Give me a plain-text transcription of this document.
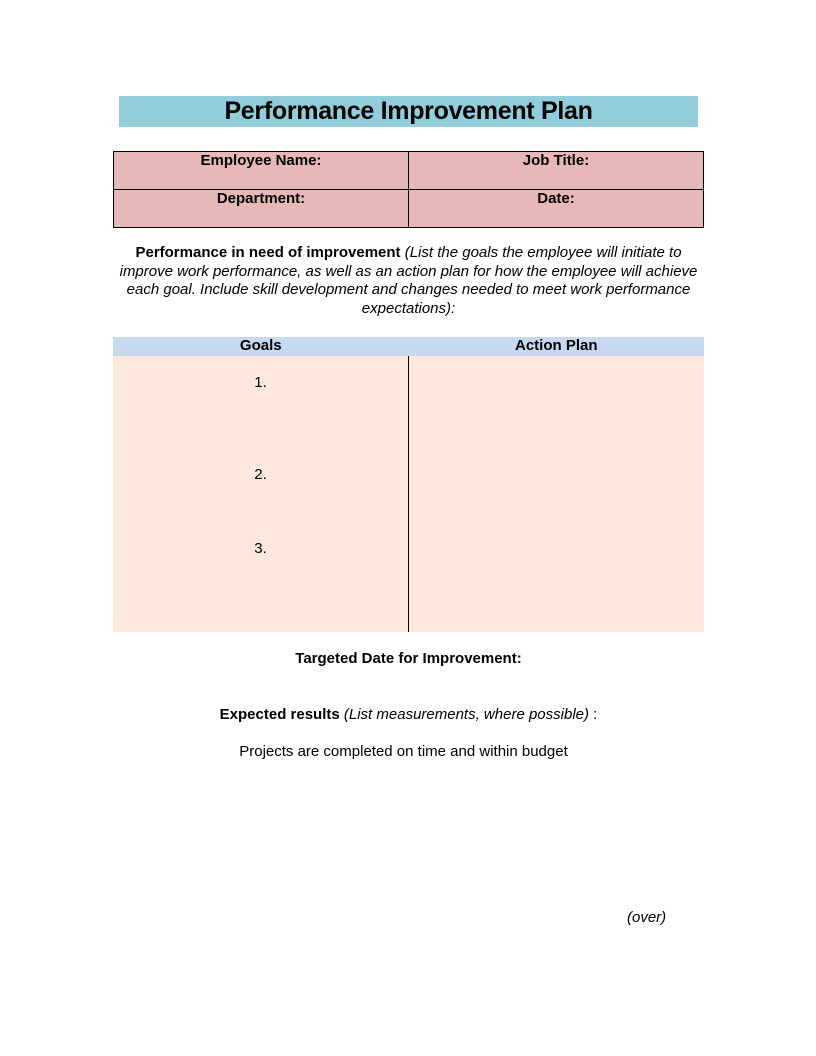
Performance Improvement Plan
Employee Name:	Job Title:

Department:	Date:
Performance in need of improvement (List the goals the employee will initiate to improve work performance, as well as an action plan for how the employee will achieve each goal. Include skill development and changes needed to meet work performance expectations):
Goals	Action Plan
1.
2.
3.
Targeted Date for Improvement:
Expected results (List measurements, where possible) :
Projects are completed on time and within budget
(over)
